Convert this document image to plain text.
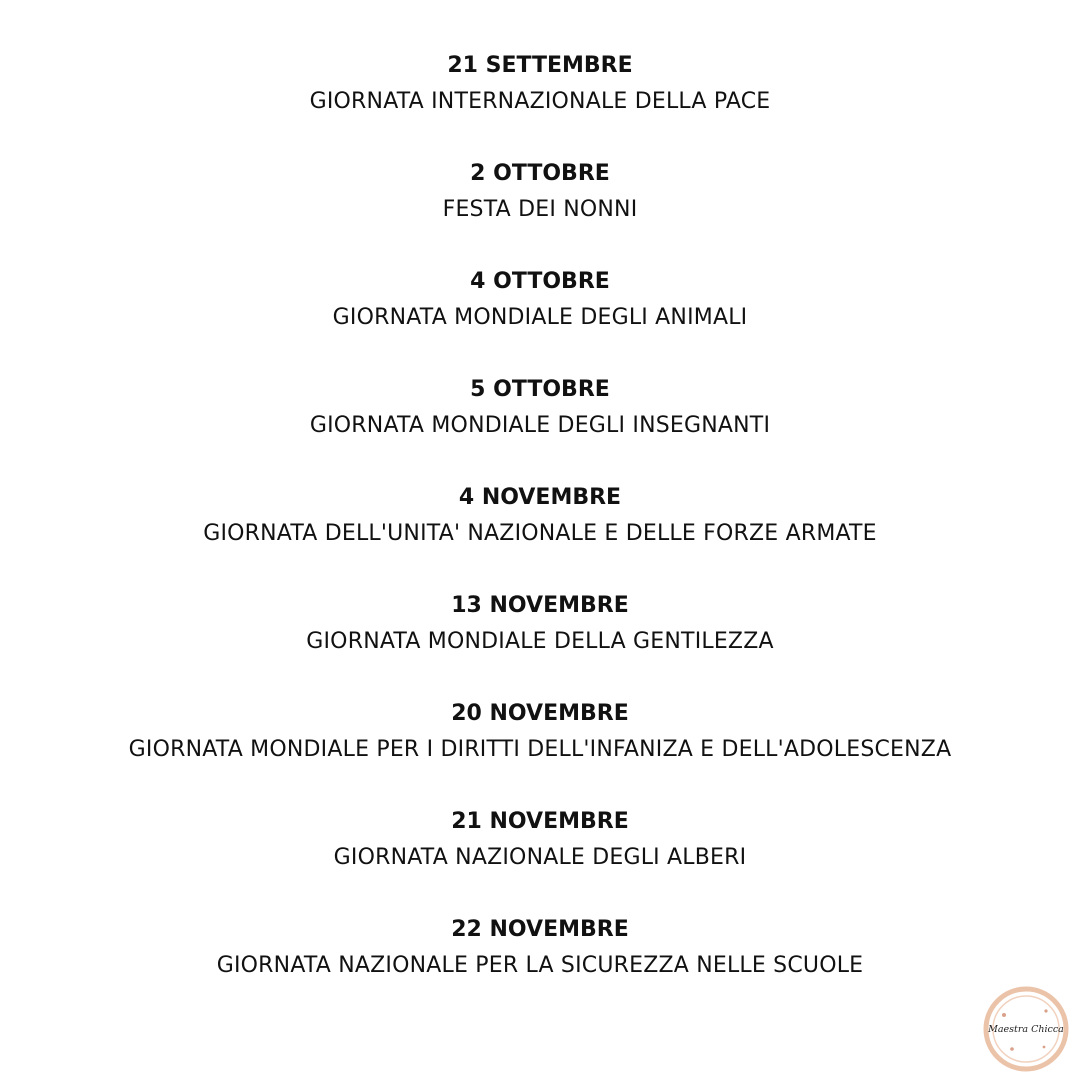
21 SETTEMBRE
GIORNATA INTERNAZIONALE DELLA PACE
2 OTTOBRE
FESTA DEI NONNI
4 OTTOBRE
GIORNATA MONDIALE DEGLI ANIMALI
5 OTTOBRE
GIORNATA MONDIALE DEGLI INSEGNANTI
4 NOVEMBRE
GIORNATA DELL'UNITA' NAZIONALE E DELLE FORZE ARMATE
13 NOVEMBRE
GIORNATA MONDIALE DELLA GENTILEZZA
20 NOVEMBRE
GIORNATA MONDIALE PER I DIRITTI DELL'INFANIZA E DELL'ADOLESCENZA
21 NOVEMBRE
GIORNATA NAZIONALE DEGLI ALBERI
22 NOVEMBRE
GIORNATA NAZIONALE PER LA SICUREZZA NELLE SCUOLE
Maestra Chicca
